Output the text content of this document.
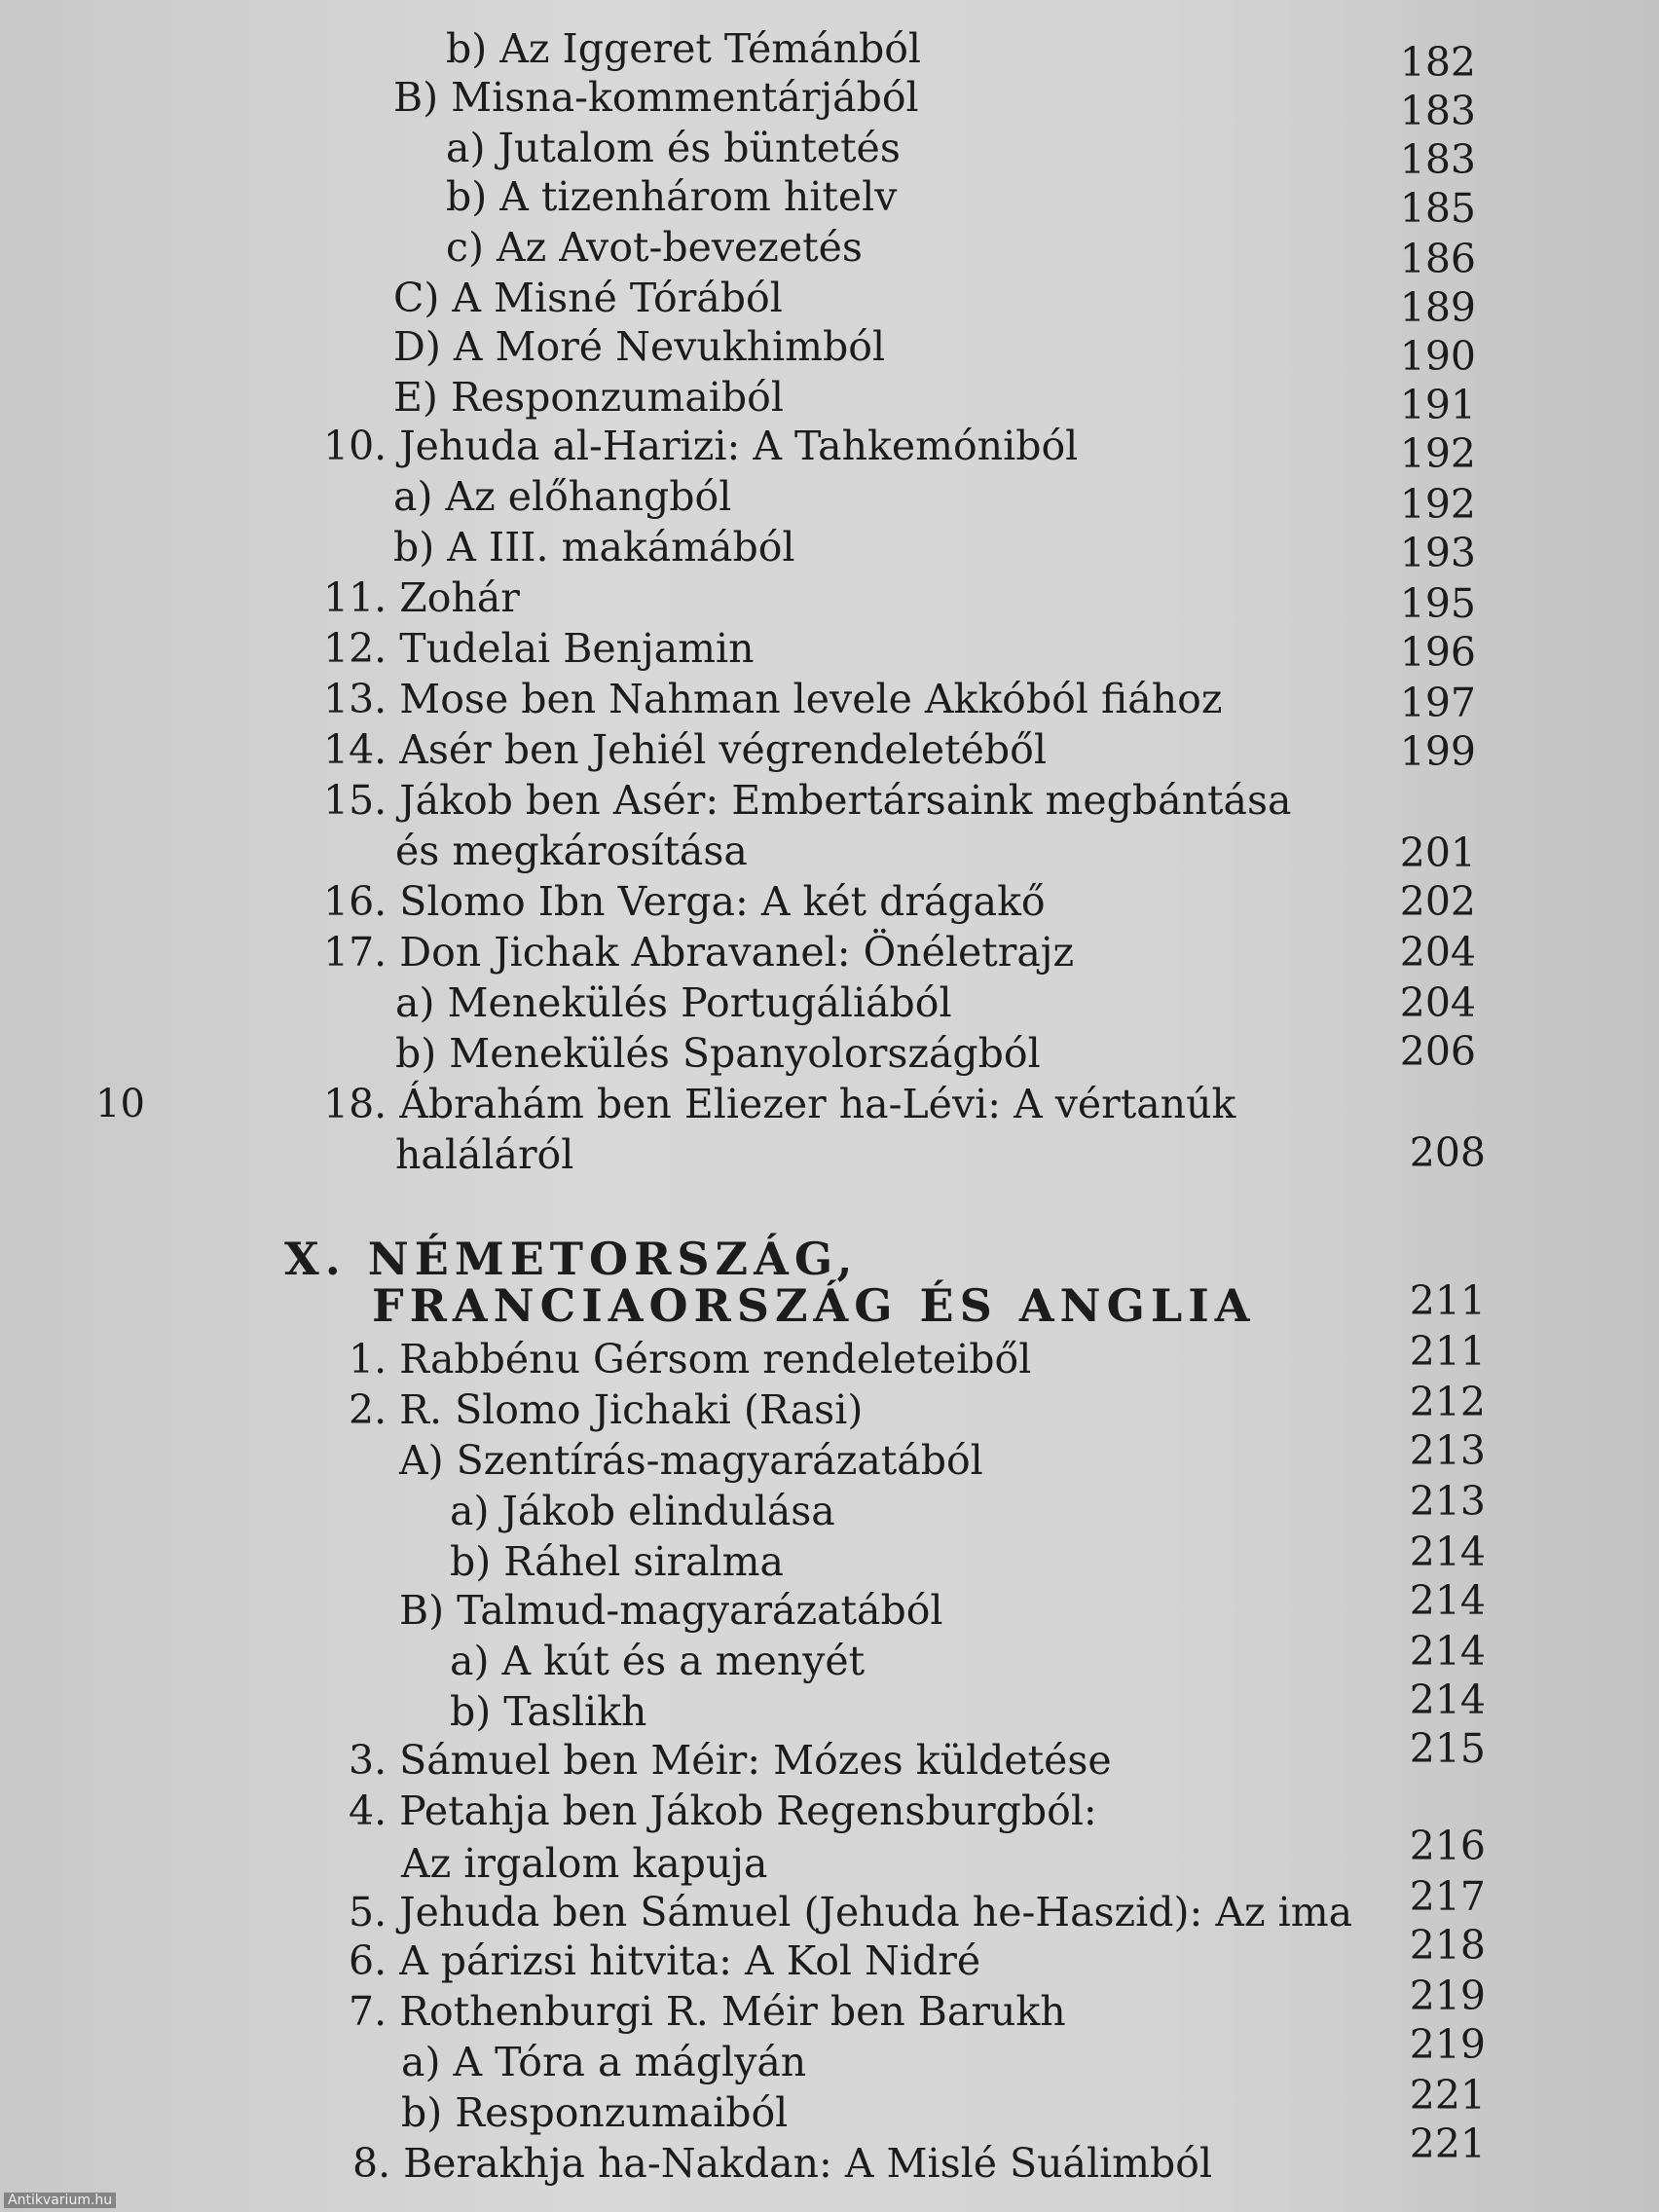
b) Az Iggeret Témánból	182
B) Misna-kommentárjából	183
a) Jutalom és büntetés	183
b) A tizenhárom hitelv	185
c) Az Avot-bevezetés	186
C) A Misné Tórából	189
D) A Moré Nevukhimból	190
E) Responzumaiból	191
10. Jehuda al-Harizi: A Tahkemóniból	192
a) Az előhangból	192
b) A III. makámából	193
11. Zohár	195
12. Tudelai Benjamin	196
13. Mose ben Nahman levele Akkóból fiához	197
14. Asér ben Jehiél végrendeletéből	199
15. Jákob ben Asér: Embertársaink megbántása
és megkárosítása	201
16. Slomo Ibn Verga: A két drágakő	202
17. Don Jichak Abravanel: Önéletrajz	204
a) Menekülés Portugáliából	204
b) Menekülés Spanyolországból	206
10	18. Ábrahám ben Eliezer ha-Lévi: A vértanúk
haláláról	208
X. NÉMETORSZÁG,
FRANCIAORSZÁG ÉS ANGLIA	211
1. Rabbénu Gérsom rendeleteiből	211
2. R. Slomo Jichaki (Rasi)	212
A) Szentírás-magyarázatából	213
a) Jákob elindulása	213
b) Ráhel siralma	214
B) Talmud-magyarázatából	214
a) A kút és a menyét	214
b) Taslikh	214
3. Sámuel ben Méir: Mózes küldetése	215
4. Petahja ben Jákob Regensburgból:
Az irgalom kapuja	216
5. Jehuda ben Sámuel (Jehuda he-Haszid): Az ima	217
6. A párizsi hitvita: A Kol Nidré	218
7. Rothenburgi R. Méir ben Barukh	219
a) A Tóra a máglyán	219
b) Responzumaiból	221
8. Berakhja ha-Nakdan: A Mislé Suálimból	221
Antikvarium.hu
